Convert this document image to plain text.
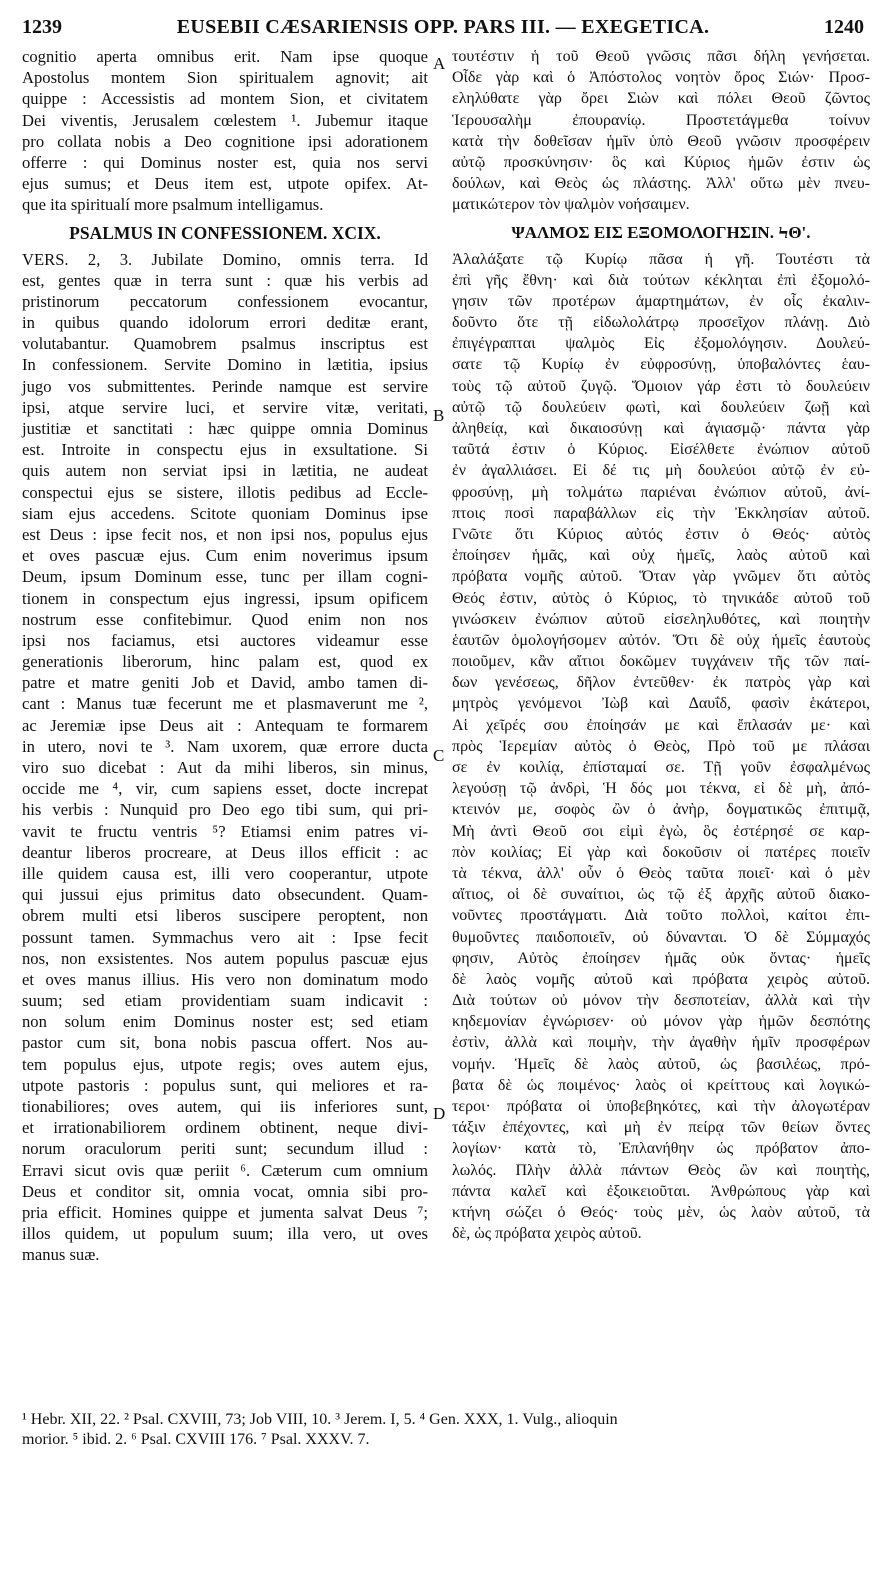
1239	EUSEBII CÆSARIENSIS OPP. PARS III. — EXEGETICA.	1240
cognitio aperta omnibus erit. Nam ipse quoque
Apostolus montem Sion spiritualem agnovit; ait
quippe : Accessistis ad montem Sion, et civitatem
Dei viventis, Jerusalem cœlestem ¹. Jubemur itaque
pro collata nobis a Deo cognitione ipsi adorationem
offerre : qui Dominus noster est, quia nos servi
ejus sumus; et Deus item est, utpote opifex. At-
que ita spiritualí more psalmum intelligamus.
PSALMUS IN CONFESSIONEM. XCIX.
VERS. 2, 3. Jubilate Domino, omnis terra. Id
est, gentes quæ in terra sunt : quæ his verbis ad
pristinorum peccatorum confessionem evocantur,
in quibus quando idolorum errori deditæ erant,
volutabantur. Quamobrem psalmus inscriptus est
In confessionem. Servite Domino in lætitia, ipsius
jugo vos submittentes. Perinde namque est servire
ipsi, atque servire luci, et servire vitæ, veritati,
justitiæ et sanctitati : hæc quippe omnia Dominus
est. Introite in conspectu ejus in exsultatione. Si
quis autem non serviat ipsi in lætitia, ne audeat
conspectui ejus se sistere, illotis pedibus ad Eccle-
siam ejus accedens. Scitote quoniam Dominus ipse
est Deus : ipse fecit nos, et non ipsi nos, populus ejus
et oves pascuæ ejus. Cum enim noverimus ipsum
Deum, ipsum Dominum esse, tunc per illam cogni-
tionem in conspectum ejus ingressi, ipsum opificem
nostrum esse confitebimur. Quod enim non nos
ipsi nos faciamus, etsi auctores videamur esse
generationis liberorum, hinc palam est, quod ex
patre et matre geniti Job et David, ambo tamen di-
cant : Manus tuæ fecerunt me et plasmaverunt me ²,
ac Jeremiæ ipse Deus ait : Antequam te formarem
in utero, novi te ³. Nam uxorem, quæ errore ducta
viro suo dicebat : Aut da mihi liberos, sin minus,
occide me ⁴, vir, cum sapiens esset, docte increpat
his verbis : Nunquid pro Deo ego tibi sum, qui pri-
vavit te fructu ventris ⁵? Etiamsi enim patres vi-
deantur liberos procreare, at Deus illos efficit : ac
ille quidem causa est, illi vero cooperantur, utpote
qui jussui ejus primitus dato obsecundent. Quam-
obrem multi etsi liberos suscipere peroptent, non
possunt tamen. Symmachus vero ait : Ipse fecit
nos, non exsistentes. Nos autem populus pascuæ ejus
et oves manus illius. His vero non dominatum modo
suum; sed etiam providentiam suam indicavit :
non solum enim Dominus noster est; sed etiam
pastor cum sit, bona nobis pascua offert. Nos au-
tem populus ejus, utpote regis; oves autem ejus,
utpote pastoris : populus sunt, qui meliores et ra-
tionabiliores; oves autem, qui iis inferiores sunt,
et irrationabiliorem ordinem obtinent, neque divi-
norum oraculorum periti sunt; secundum illud :
Erravi sicut ovis quæ periit ⁶. Cæterum cum omnium
Deus et conditor sit, omnia vocat, omnia sibi pro-
pria efficit. Homines quippe et jumenta salvat Deus ⁷;
illos quidem, ut populum suum; illa vero, ut oves
manus suæ.
τουτέστιν ἡ τοῦ Θεοῦ γνῶσις πᾶσι δήλη γενήσεται.
Οἶδε γὰρ καὶ ὁ Ἀπόστολος νοητὸν ὄρος Σιών· Προσ-
εληλύθατε γὰρ ὄρει Σιὼν καὶ πόλει Θεοῦ ζῶντος
Ἱερουσαλὴμ ἐπουρανίῳ. Προστετάγμεθα τοίνυν
κατὰ τὴν δοθεῖσαν ἡμῖν ὑπὸ Θεοῦ γνῶσιν προσφέρειν
αὐτῷ προσκύνησιν· ὃς καὶ Κύριος ἡμῶν ἐστιν ὡς
δούλων, καὶ Θεὸς ὡς πλάστης. Ἀλλ' οὕτω μὲν πνευ-
ματικώτερον τὸν ψαλμὸν νοήσαιμεν.
ΨΑΛΜΟΣ ΕΙΣ ΕΞΟΜΟΛΟΓΗΣΙΝ. ϞΘ'.
Ἀλαλάξατε τῷ Κυρίῳ πᾶσα ἡ γῆ. Τουτέστι τὰ
ἐπὶ γῆς ἔθνη· καὶ διὰ τούτων κέκληται ἐπὶ ἐξομολό-
γησιν τῶν προτέρων ἁμαρτημάτων, ἐν οἷς ἐκαλιν-
δοῦντο ὅτε τῇ εἰδωλολάτρῳ προσεῖχον πλάνῃ. Διὸ
ἐπιγέγραπται ψαλμὸς Εἰς ἐξομολόγησιν. Δουλεύ-
σατε τῷ Κυρίῳ ἐν εὐφροσύνῃ, ὑποβαλόντες ἑαυ-
τοὺς τῷ αὐτοῦ ζυγῷ. Ὅμοιον γάρ ἐστι τὸ δουλεύειν
αὐτῷ τῷ δουλεύειν φωτὶ, καὶ δουλεύειν ζωῇ καὶ
ἀληθείᾳ, καὶ δικαιοσύνῃ καὶ ἁγιασμῷ· πάντα γὰρ
ταῦτά ἐστιν ὁ Κύριος. Εἰσέλθετε ἐνώπιον αὐτοῦ
ἐν ἀγαλλιάσει. Εἰ δέ τις μὴ δουλεύοι αὐτῷ ἐν εὐ-
φροσύνῃ, μὴ τολμάτω παριέναι ἐνώπιον αὐτοῦ, ἀνί-
πτοις ποσὶ παραβάλλων εἰς τὴν Ἐκκλησίαν αὐτοῦ.
Γνῶτε ὅτι Κύριος αὐτός ἐστιν ὁ Θεός· αὐτὸς
ἐποίησεν ἡμᾶς, καὶ οὐχ ἡμεῖς, λαὸς αὐτοῦ καὶ
πρόβατα νομῆς αὐτοῦ. Ὅταν γὰρ γνῶμεν ὅτι αὐτὸς
Θεός ἐστιν, αὐτὸς ὁ Κύριος, τὸ τηνικάδε αὐτοῦ τοῦ
γινώσκειν ἐνώπιον αὐτοῦ εἰσεληλυθότες, καὶ ποιητὴν
ἑαυτῶν ὁμολογήσομεν αὐτόν. Ὅτι δὲ οὐχ ἡμεῖς ἑαυτοὺς
ποιοῦμεν, κἂν αἴτιοι δοκῶμεν τυγχάνειν τῆς τῶν παί-
δων γενέσεως, δῆλον ἐντεῦθεν· ἐκ πατρὸς γὰρ καὶ
μητρὸς γενόμενοι Ἰὼβ καὶ Δαυΐδ, φασὶν ἑκάτεροι,
Αἱ χεῖρές σου ἐποίησάν με καὶ ἔπλασάν με· καὶ
πρὸς Ἱερεμίαν αὐτὸς ὁ Θεὸς, Πρὸ τοῦ με πλάσαι
σε ἐν κοιλίᾳ, ἐπίσταμαί σε. Τῇ γοῦν ἐσφαλμένως
λεγούσῃ τῷ ἀνδρὶ, Ἡ δός μοι τέκνα, εἰ δὲ μὴ, ἀπό-
κτεινόν με, σοφὸς ὢν ὁ ἀνὴρ, δογματικῶς ἐπιτιμᾷ,
Μὴ ἀντὶ Θεοῦ σοι εἰμὶ ἐγὼ, ὃς ἐστέρησέ σε καρ-
πὸν κοιλίας; Εἰ γὰρ καὶ δοκοῦσιν οἱ πατέρες ποιεῖν
τὰ τέκνα, ἀλλ' οὖν ὁ Θεὸς ταῦτα ποιεῖ· καὶ ὁ μὲν
αἴτιος, οἱ δὲ συναίτιοι, ὡς τῷ ἐξ ἀρχῆς αὐτοῦ διακο-
νοῦντες προστάγματι. Διὰ τοῦτο πολλοὶ, καίτοι ἐπι-
θυμοῦντες παιδοποιεῖν, οὐ δύνανται. Ὁ δὲ Σύμμαχός
φησιν, Αὐτὸς ἐποίησεν ἡμᾶς οὐκ ὄντας· ἡμεῖς
δὲ λαὸς νομῆς αὐτοῦ καὶ πρόβατα χειρὸς αὐτοῦ.
Διὰ τούτων οὐ μόνον τὴν δεσποτείαν, ἀλλὰ καὶ τὴν
κηδεμονίαν ἐγνώρισεν· οὐ μόνον γὰρ ἡμῶν δεσπότης
ἐστὶν, ἀλλὰ καὶ ποιμὴν, τὴν ἀγαθὴν ἡμῖν προσφέρων
νομήν. Ἡμεῖς δὲ λαὸς αὐτοῦ, ὡς βασιλέως, πρό-
βατα δὲ ὡς ποιμένος· λαὸς οἱ κρείττους καὶ λογικώ-
τεροι· πρόβατα οἱ ὑποβεβηκότες, καὶ τὴν ἀλογωτέραν
τάξιν ἐπέχοντες, καὶ μὴ ἐν πείρᾳ τῶν θείων ὄντες
λογίων· κατὰ τὸ, Ἐπλανήθην ὡς πρόβατον ἀπο-
λωλός. Πλὴν ἀλλὰ πάντων Θεὸς ὢν καὶ ποιητὴς,
πάντα καλεῖ καὶ ἐξοικειοῦται. Ἀνθρώπους γὰρ καὶ
κτήνη σώζει ὁ Θεός· τοὺς μὲν, ὡς λαὸν αὐτοῦ, τὰ
δὲ, ὡς πρόβατα χειρὸς αὐτοῦ.
A
B
C
D
¹ Hebr. XII, 22. ² Psal. CXVIII, 73; Job VIII, 10. ³ Jerem. I, 5. ⁴ Gen. XXX, 1. Vulg., alioquin
morior. ⁵ ibid. 2. ⁶ Psal. CXVIII 176. ⁷ Psal. XXXV. 7.
